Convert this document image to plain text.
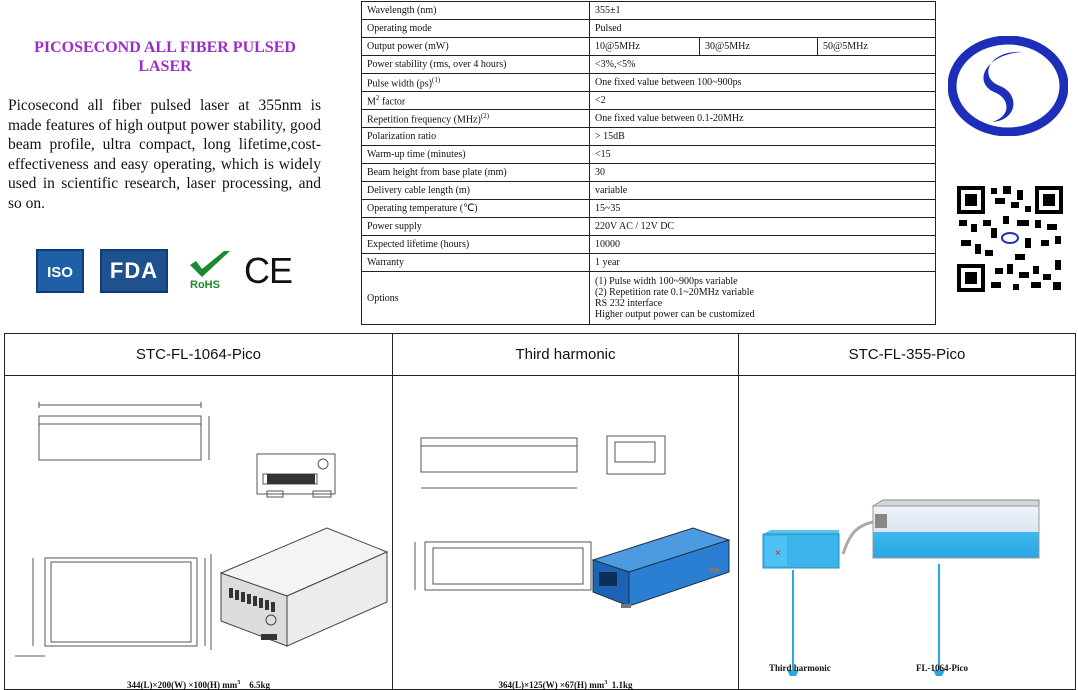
PICOSECOND ALL FIBER PULSED LASER
Picosecond all fiber pulsed laser at 355nm is made features of high output power stability, good beam profile, ultra compact, long lifetime,cost-effectiveness and easy operating, which is widely used in scientific research, laser processing, and so on.
ISO	FDA
RoHS CE
Wavelength (nm)	355±1		
Operating mode	Pulsed		
Output power (mW)	10@5MHz	30@5MHz	50@5MHz
Power stability (rms, over 4 hours)	<3%,<5%		
Pulse width (ps)$^{(1)}$	One fixed value between 100~900ps		
$M^2$ factor	<2		
Repetition frequency (MHz)$^{(2)}$	One fixed value between 0.1-20MHz		
Polarization ratio	> 15dB		
Warm-up time (minutes)	<15		
Beam height from base plate (mm)	30		
Delivery cable length (m)	variable		
Operating temperature (℃)	15~35		
Power supply	220V AC / 12V DC		
Expected lifetime (hours)	10000		
Warranty	1 year		
Options	(1) Pulse width 100~900ps variable
(2) Repetition rate 0.1~20MHz variable
RS 232 interface
Higher output power can be customized		
STC-FL-1064-Pico	Third harmonic	STC-FL-355-Pico

344(L)×200(W) ×100(H) $mm^3$ 6.5kg	364(L)×125(W) ×67(H) $mm^3$ 1.1kg	×
Third harmonic FL-1064-Pico
